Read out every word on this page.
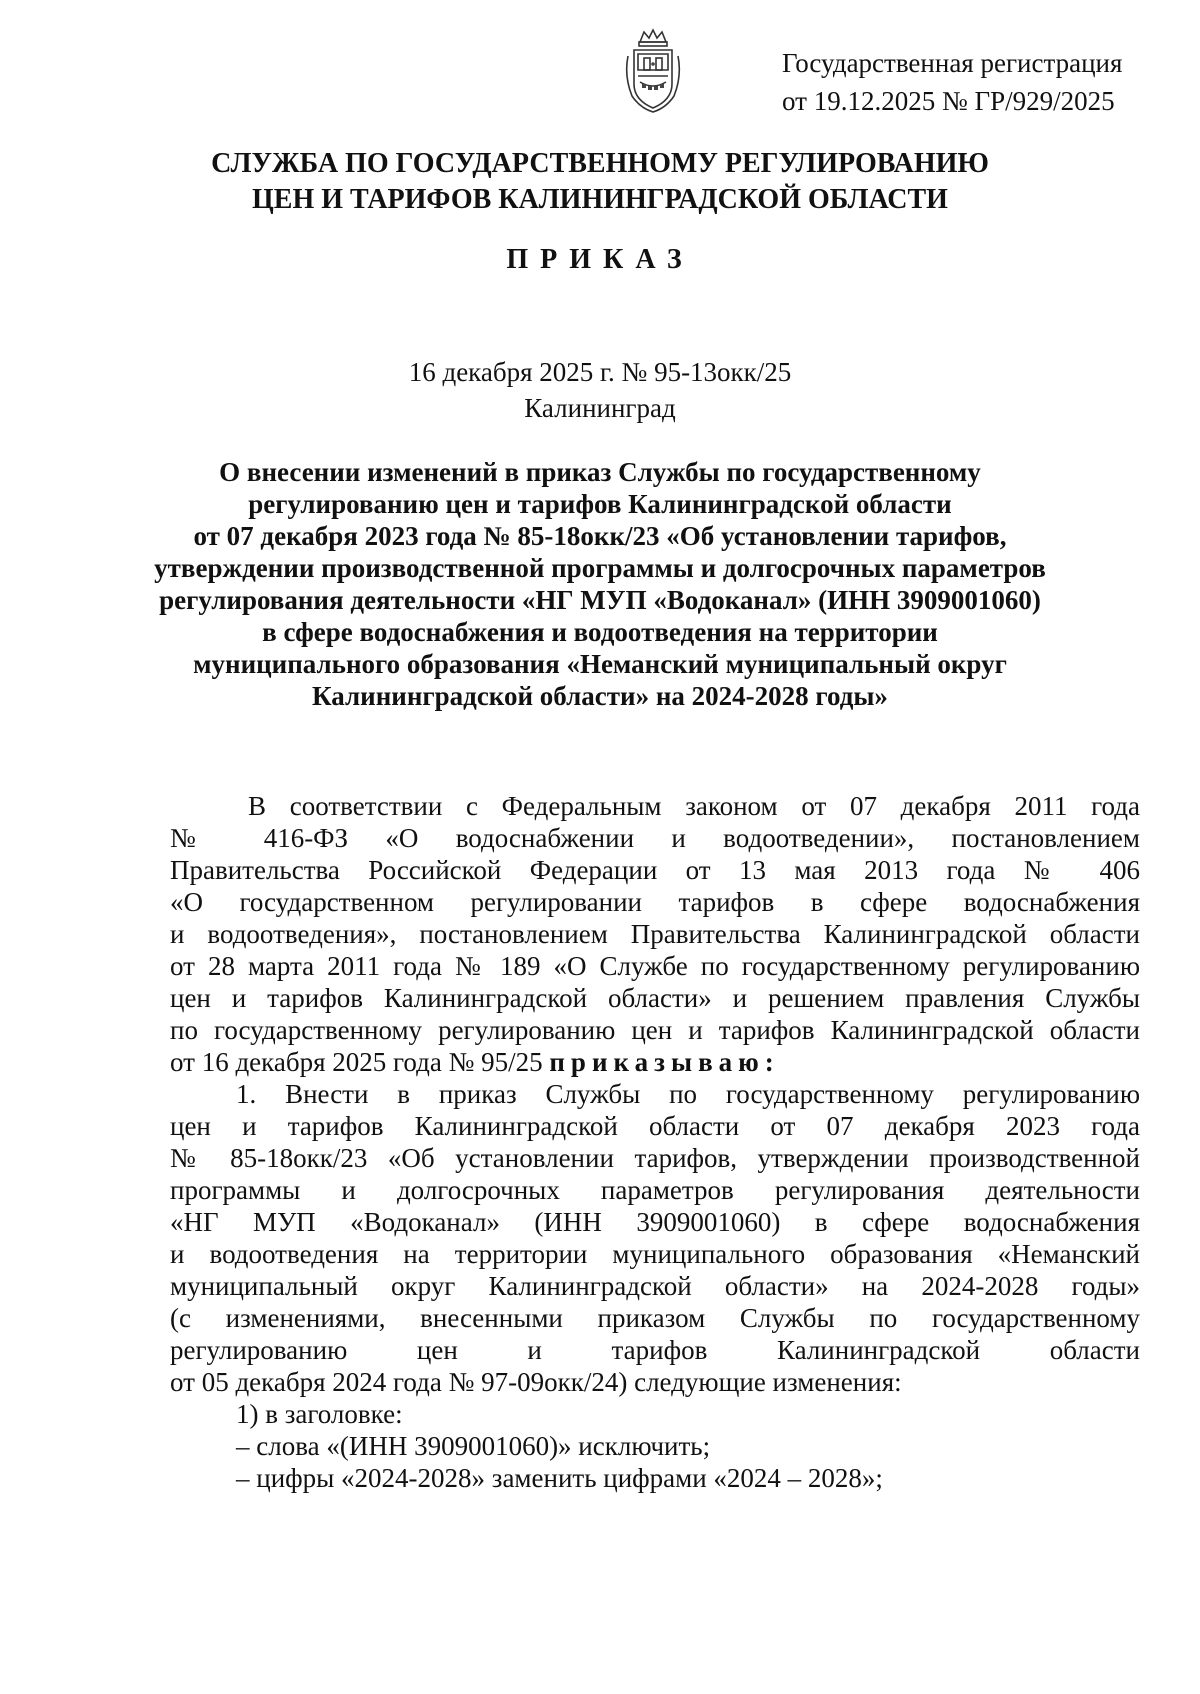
Государственная регистрация
от 19.12.2025 № ГР/929/2025
СЛУЖБА ПО ГОСУДАРСТВЕННОМУ РЕГУЛИРОВАНИЮ
ЦЕН И ТАРИФОВ КАЛИНИНГРАДСКОЙ ОБЛАСТИ
ПРИКАЗ
16 декабря 2025 г. № 95-13окк/25
Калининград
О внесении изменений в приказ Службы по государственному
регулированию цен и тарифов Калининградской области
от 07 декабря 2023 года № 85-18окк/23 «Об установлении тарифов,
утверждении производственной программы и долгосрочных параметров
регулирования деятельности «НГ МУП «Водоканал» (ИНН 3909001060)
в сфере водоснабжения и водоотведения на территории
муниципального образования «Неманский муниципальный округ
Калининградской области» на 2024-2028 годы»
В соответствии с Федеральным законом от 07 декабря 2011 года
№ 416-ФЗ «О водоснабжении и водоотведении», постановлением
Правительства Российской Федерации от 13 мая 2013 года № 406
«О государственном регулировании тарифов в сфере водоснабжения
и водоотведения», постановлением Правительства Калининградской области
от 28 марта 2011 года № 189 «О Службе по государственному регулированию
цен и тарифов Калининградской области» и решением правления Службы
по государственному регулированию цен и тарифов Калининградской области
от 16 декабря 2025 года № 95/25 приказываю:
1. Внести в приказ Службы по государственному регулированию
цен и тарифов Калининградской области от 07 декабря 2023 года
№ 85-18окк/23 «Об установлении тарифов, утверждении производственной
программы и долгосрочных параметров регулирования деятельности
«НГ МУП «Водоканал» (ИНН 3909001060) в сфере водоснабжения
и водоотведения на территории муниципального образования «Неманский
муниципальный округ Калининградской области» на 2024-2028 годы»
(с изменениями, внесенными приказом Службы по государственному
регулированию цен и тарифов Калининградской области
от 05 декабря 2024 года № 97-09окк/24) следующие изменения:
1) в заголовке:
– слова «(ИНН 3909001060)» исключить;
– цифры «2024-2028» заменить цифрами «2024 – 2028»;
